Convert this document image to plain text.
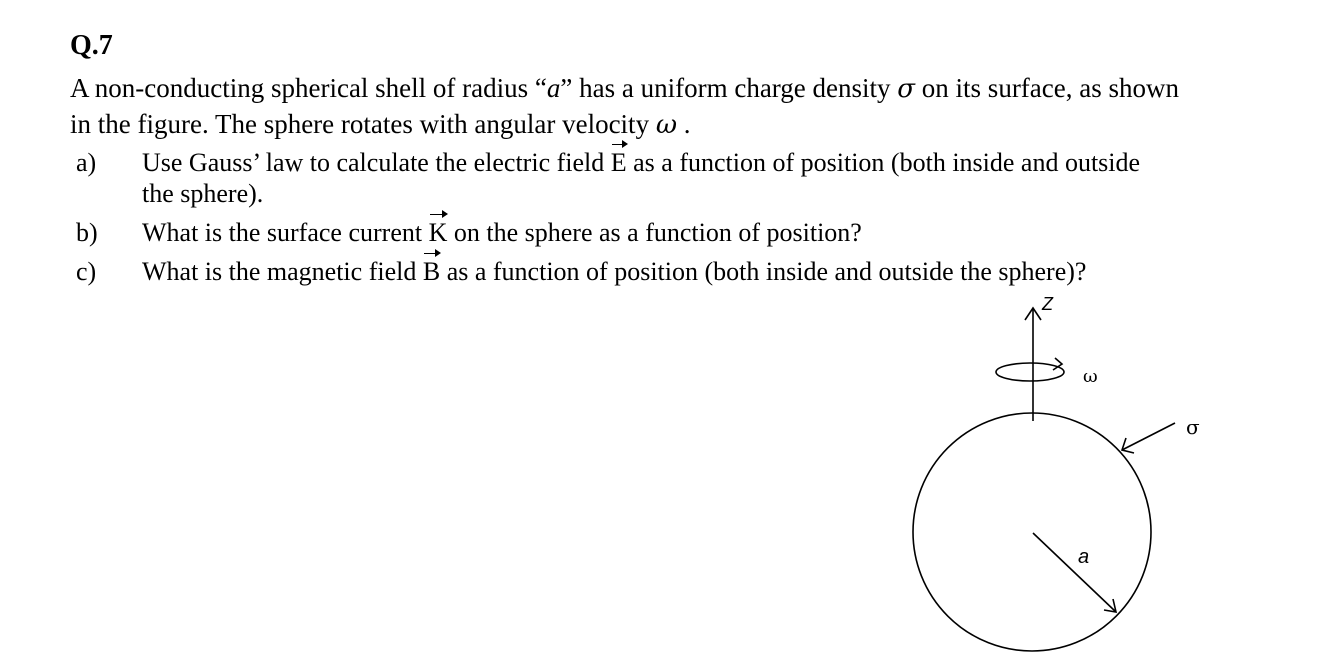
Q.7
A non-conducting spherical shell of radius “a” has a uniform charge density σ on its surface, as shown
in the figure. The sphere rotates with angular velocity ω .
a) Use Gauss’ law to calculate the electric field E as a function of position (both inside and outside
the sphere).
b) What is the surface current K on the sphere as a function of position?
c) What is the magnetic field B as a function of position (both inside and outside the sphere)?
Z
ω
σ
a
